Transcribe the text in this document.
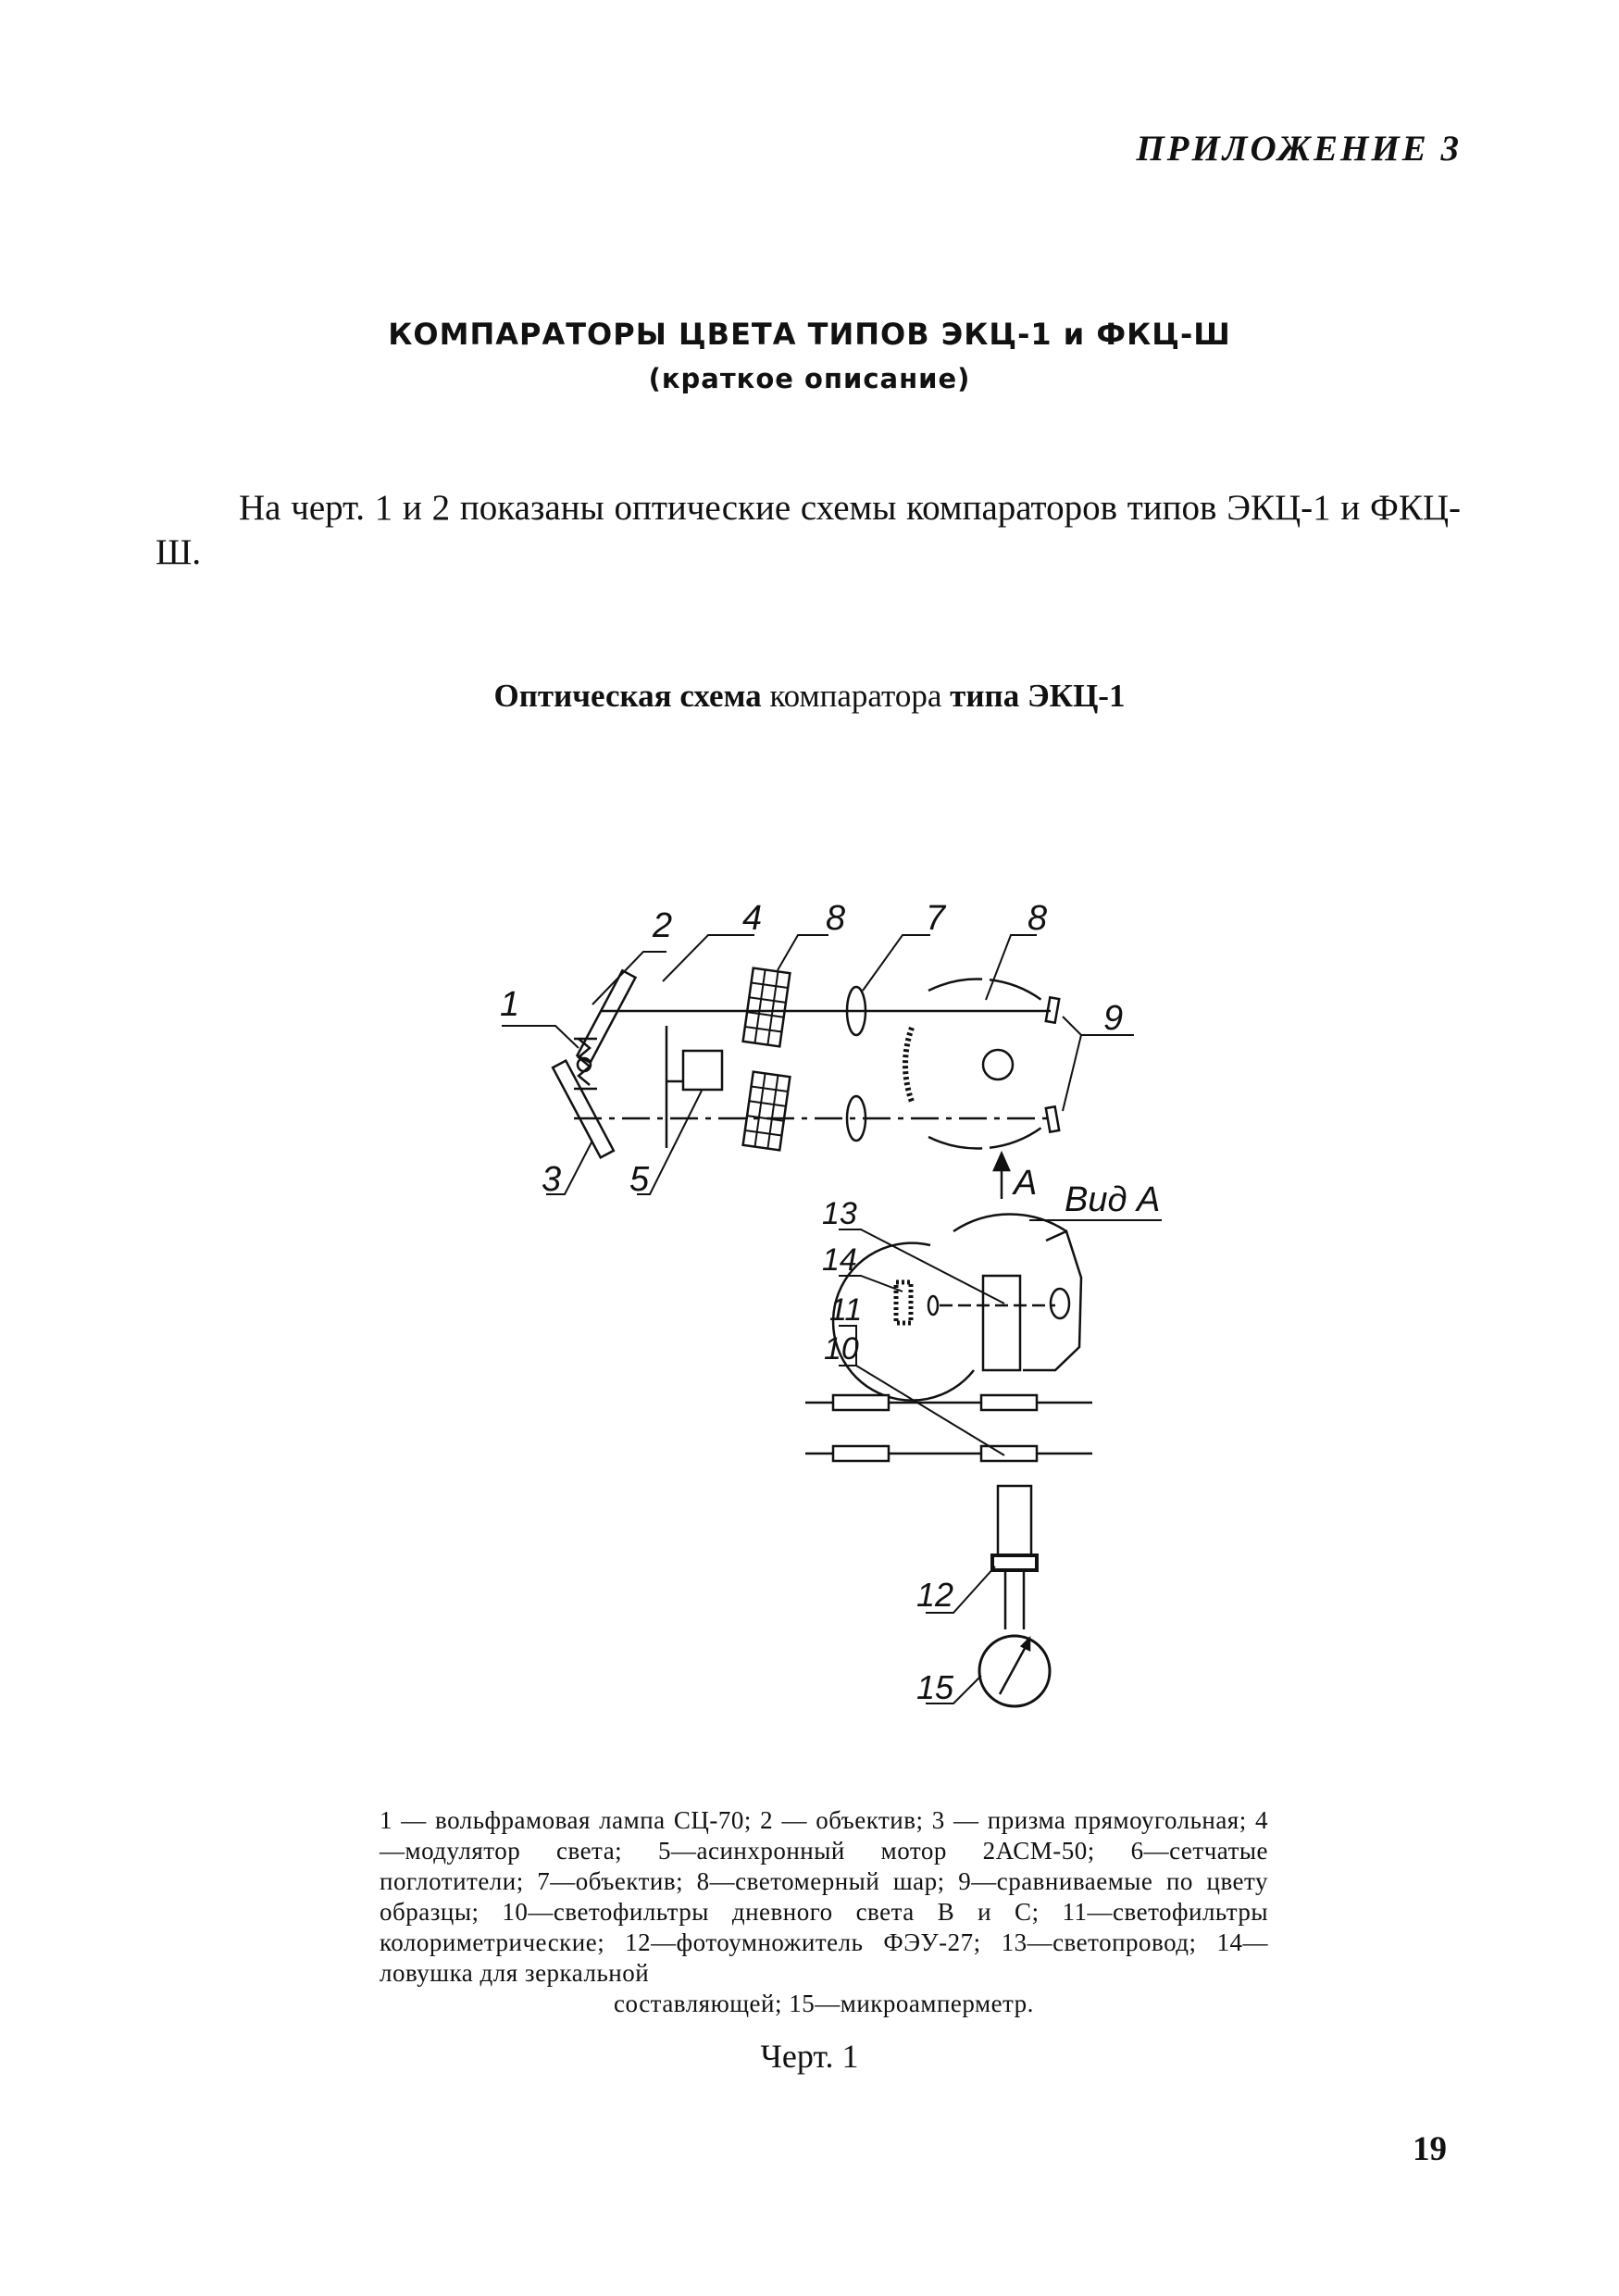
ПРИЛОЖЕНИЕ 3
КОМПАРАТОРЫ ЦВЕТА ТИПОВ ЭКЦ-1 и ФКЦ-Ш
(краткое описание)
На черт. 1 и 2 показаны оптические схемы компараторов типов ЭКЦ-1 и ФКЦ-Ш.
Оптическая схема компаратора типа ЭКЦ-1
1
2 4 8 7 8
9
3 5	A Вид А
13
14
11
10
12
15
1 — вольфрамовая лампа СЦ-70; 2 — объектив; 3 — призма прямоугольная; 4—модулятор света; 5—асинхронный мотор 2АСМ-50; 6—сетчатые поглотители; 7—объектив; 8—светомерный шар; 9—сравниваемые по цвету образцы; 10—светофильтры дневного света В и С; 11—светофильтры колориметрические; 12—фотоумножитель ФЭУ-27; 13—светопровод; 14—ловушка для зеркальной
составляющей; 15—микроамперметр.
Черт. 1
19
